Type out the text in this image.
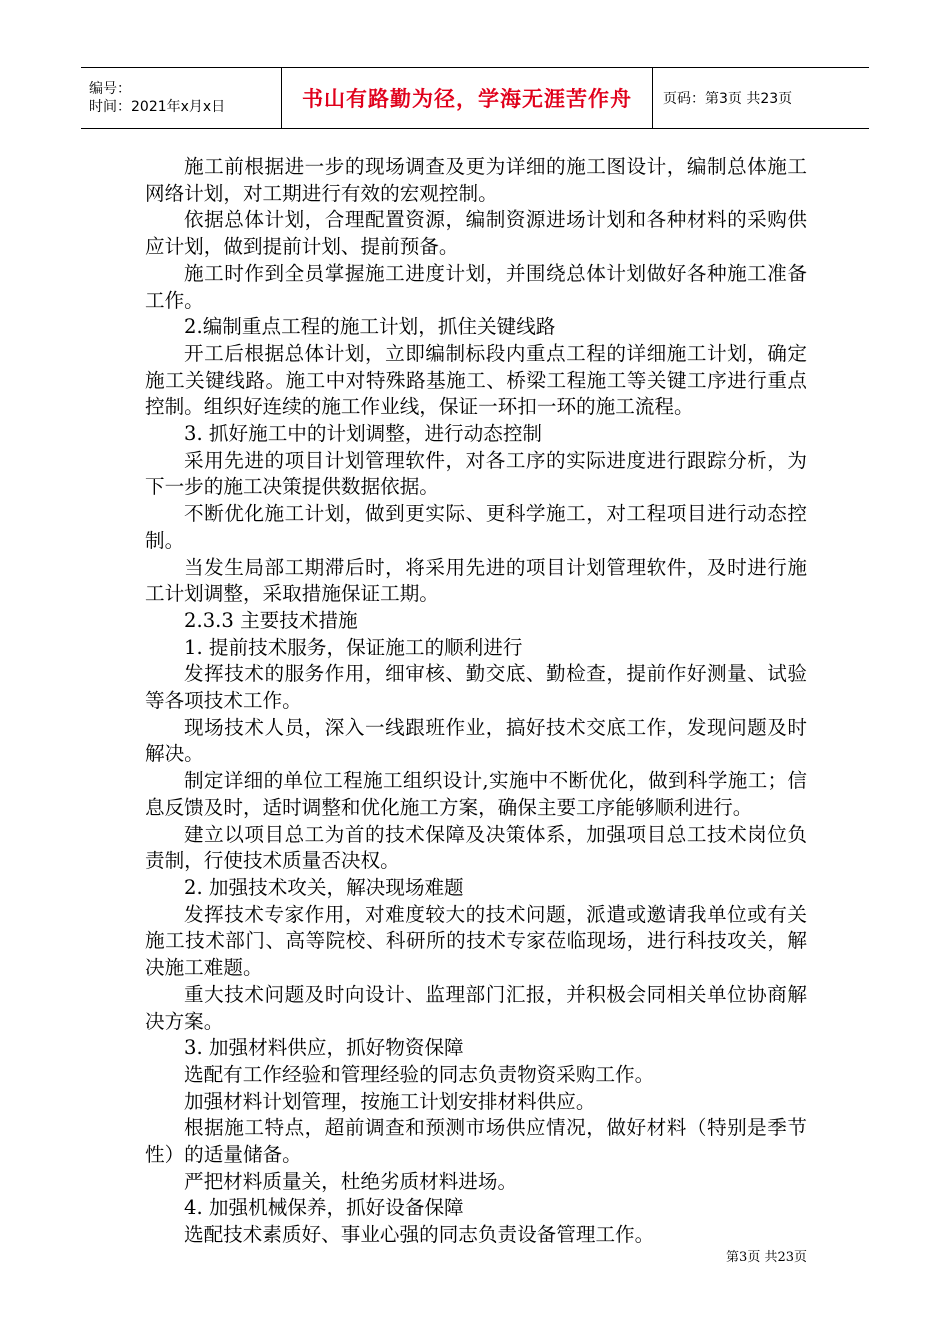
编号：
时间：2021年x月x日	书山有路勤为径，学海无涯苦作舟 页码：第3页 共23页

施工前根据进一步的现场调查及更为详细的施工图设计，编制总体施工网络计划，对工期进行有效的宏观控制。

依据总体计划，合理配置资源，编制资源进场计划和各种材料的采购供应计划，做到提前计划、提前预备。

施工时作到全员掌握施工进度计划，并围绕总体计划做好各种施工准备工作。

2.编制重点工程的施工计划，抓住关键线路

开工后根据总体计划，立即编制标段内重点工程的详细施工计划，确定施工关键线路。施工中对特殊路基施工、桥梁工程施工等关键工序进行重点控制。组织好连续的施工作业线，保证一环扣一环的施工流程。

3. 抓好施工中的计划调整，进行动态控制

采用先进的项目计划管理软件，对各工序的实际进度进行跟踪分析，为下一步的施工决策提供数据依据。

不断优化施工计划，做到更实际、更科学施工，对工程项目进行动态控制。

当发生局部工期滞后时，将采用先进的项目计划管理软件，及时进行施工计划调整，采取措施保证工期。

2.3.3 主要技术措施

1. 提前技术服务，保证施工的顺利进行

发挥技术的服务作用，细审核、勤交底、勤检查，提前作好测量、试验等各项技术工作。

现场技术人员，深入一线跟班作业，搞好技术交底工作，发现问题及时解决。

制定详细的单位工程施工组织设计,实施中不断优化，做到科学施工；信息反馈及时，适时调整和优化施工方案，确保主要工序能够顺利进行。

建立以项目总工为首的技术保障及决策体系，加强项目总工技术岗位负责制，行使技术质量否决权。

2. 加强技术攻关，解决现场难题

发挥技术专家作用，对难度较大的技术问题，派遣或邀请我单位或有关施工技术部门、高等院校、科研所的技术专家莅临现场，进行科技攻关，解决施工难题。

重大技术问题及时向设计、监理部门汇报，并积极会同相关单位协商解决方案。

3. 加强材料供应，抓好物资保障

选配有工作经验和管理经验的同志负责物资采购工作。

加强材料计划管理，按施工计划安排材料供应。

根据施工特点，超前调查和预测市场供应情况，做好材料（特别是季节性）的适量储备。

严把材料质量关，杜绝劣质材料进场。

4. 加强机械保养，抓好设备保障

选配技术素质好、事业心强的同志负责设备管理工作。

第3页 共23页
